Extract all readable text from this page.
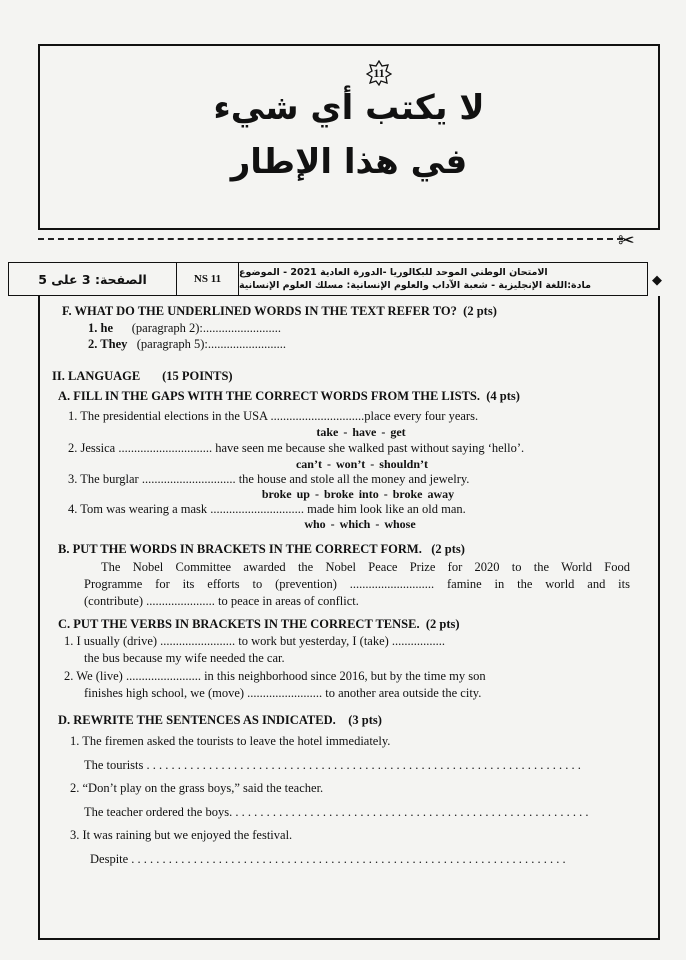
11
لا يكتب أي شيء
في هذا الإطار
✂
الصفحة: 3 على 5	NS 11
الامتحان الوطني الموحد للبكالوريا -الدورة العادية 2021 - الموضوع
مادة:اللغة الإنجليزية - شعبة الآداب والعلوم الإنسانية: مسلك العلوم الإنسانية	◆
F. WHAT DO THE UNDERLINED WORDS IN THE TEXT REFER TO? (2 pts)
1. he (paragraph 2):.........................
2. They (paragraph 5):.........................
II. LANGUAGE (15 POINTS)
A. FILL IN THE GAPS WITH THE CORRECT WORDS FROM THE LISTS. (4 pts)
1. The presidential elections in the USA ..............................place every four years.
take - have - get
2. Jessica .............................. have seen me because she walked past without saying ‘hello’.
can’t - won’t - shouldn’t
3. The burglar .............................. the house and stole all the money and jewelry.
broke up - broke into - broke away
4. Tom was wearing a mask .............................. made him look like an old man.
who - which - whose
B. PUT THE WORDS IN BRACKETS IN THE CORRECT FORM. (2 pts)
The Nobel Committee awarded the Nobel Peace Prize for 2020 to the World Food
Programme for its efforts to (prevention) ........................... famine in the world and its
(contribute) ...................... to peace in areas of conflict.
C. PUT THE VERBS IN BRACKETS IN THE CORRECT TENSE. (2 pts)
1. I usually (drive) ........................ to work but yesterday, I (take) .................
the bus because my wife needed the car.
2. We (live) ........................ in this neighborhood since 2016, but by the time my son
finishes high school, we (move) ........................ to another area outside the city.
D. REWRITE THE SENTENCES AS INDICATED. (3 pts)
1. The firemen asked the tourists to leave the hotel immediately.
The tourists . . . . . . . . . . . . . . . . . . . . . . . . . . . . . . . . . . . . . . . . . . . . . . . . . . . . . . . . . . . . . . . . . . . . . .
2. “Don’t play on the grass boys,” said the teacher.
The teacher ordered the boys. . . . . . . . . . . . . . . . . . . . . . . . . . . . . . . . . . . . . . . . . . . . . . . . . . . . . . . . . .
3. It was raining but we enjoyed the festival.
Despite . . . . . . . . . . . . . . . . . . . . . . . . . . . . . . . . . . . . . . . . . . . . . . . . . . . . . . . . . . . . . . . . . . . . . .
